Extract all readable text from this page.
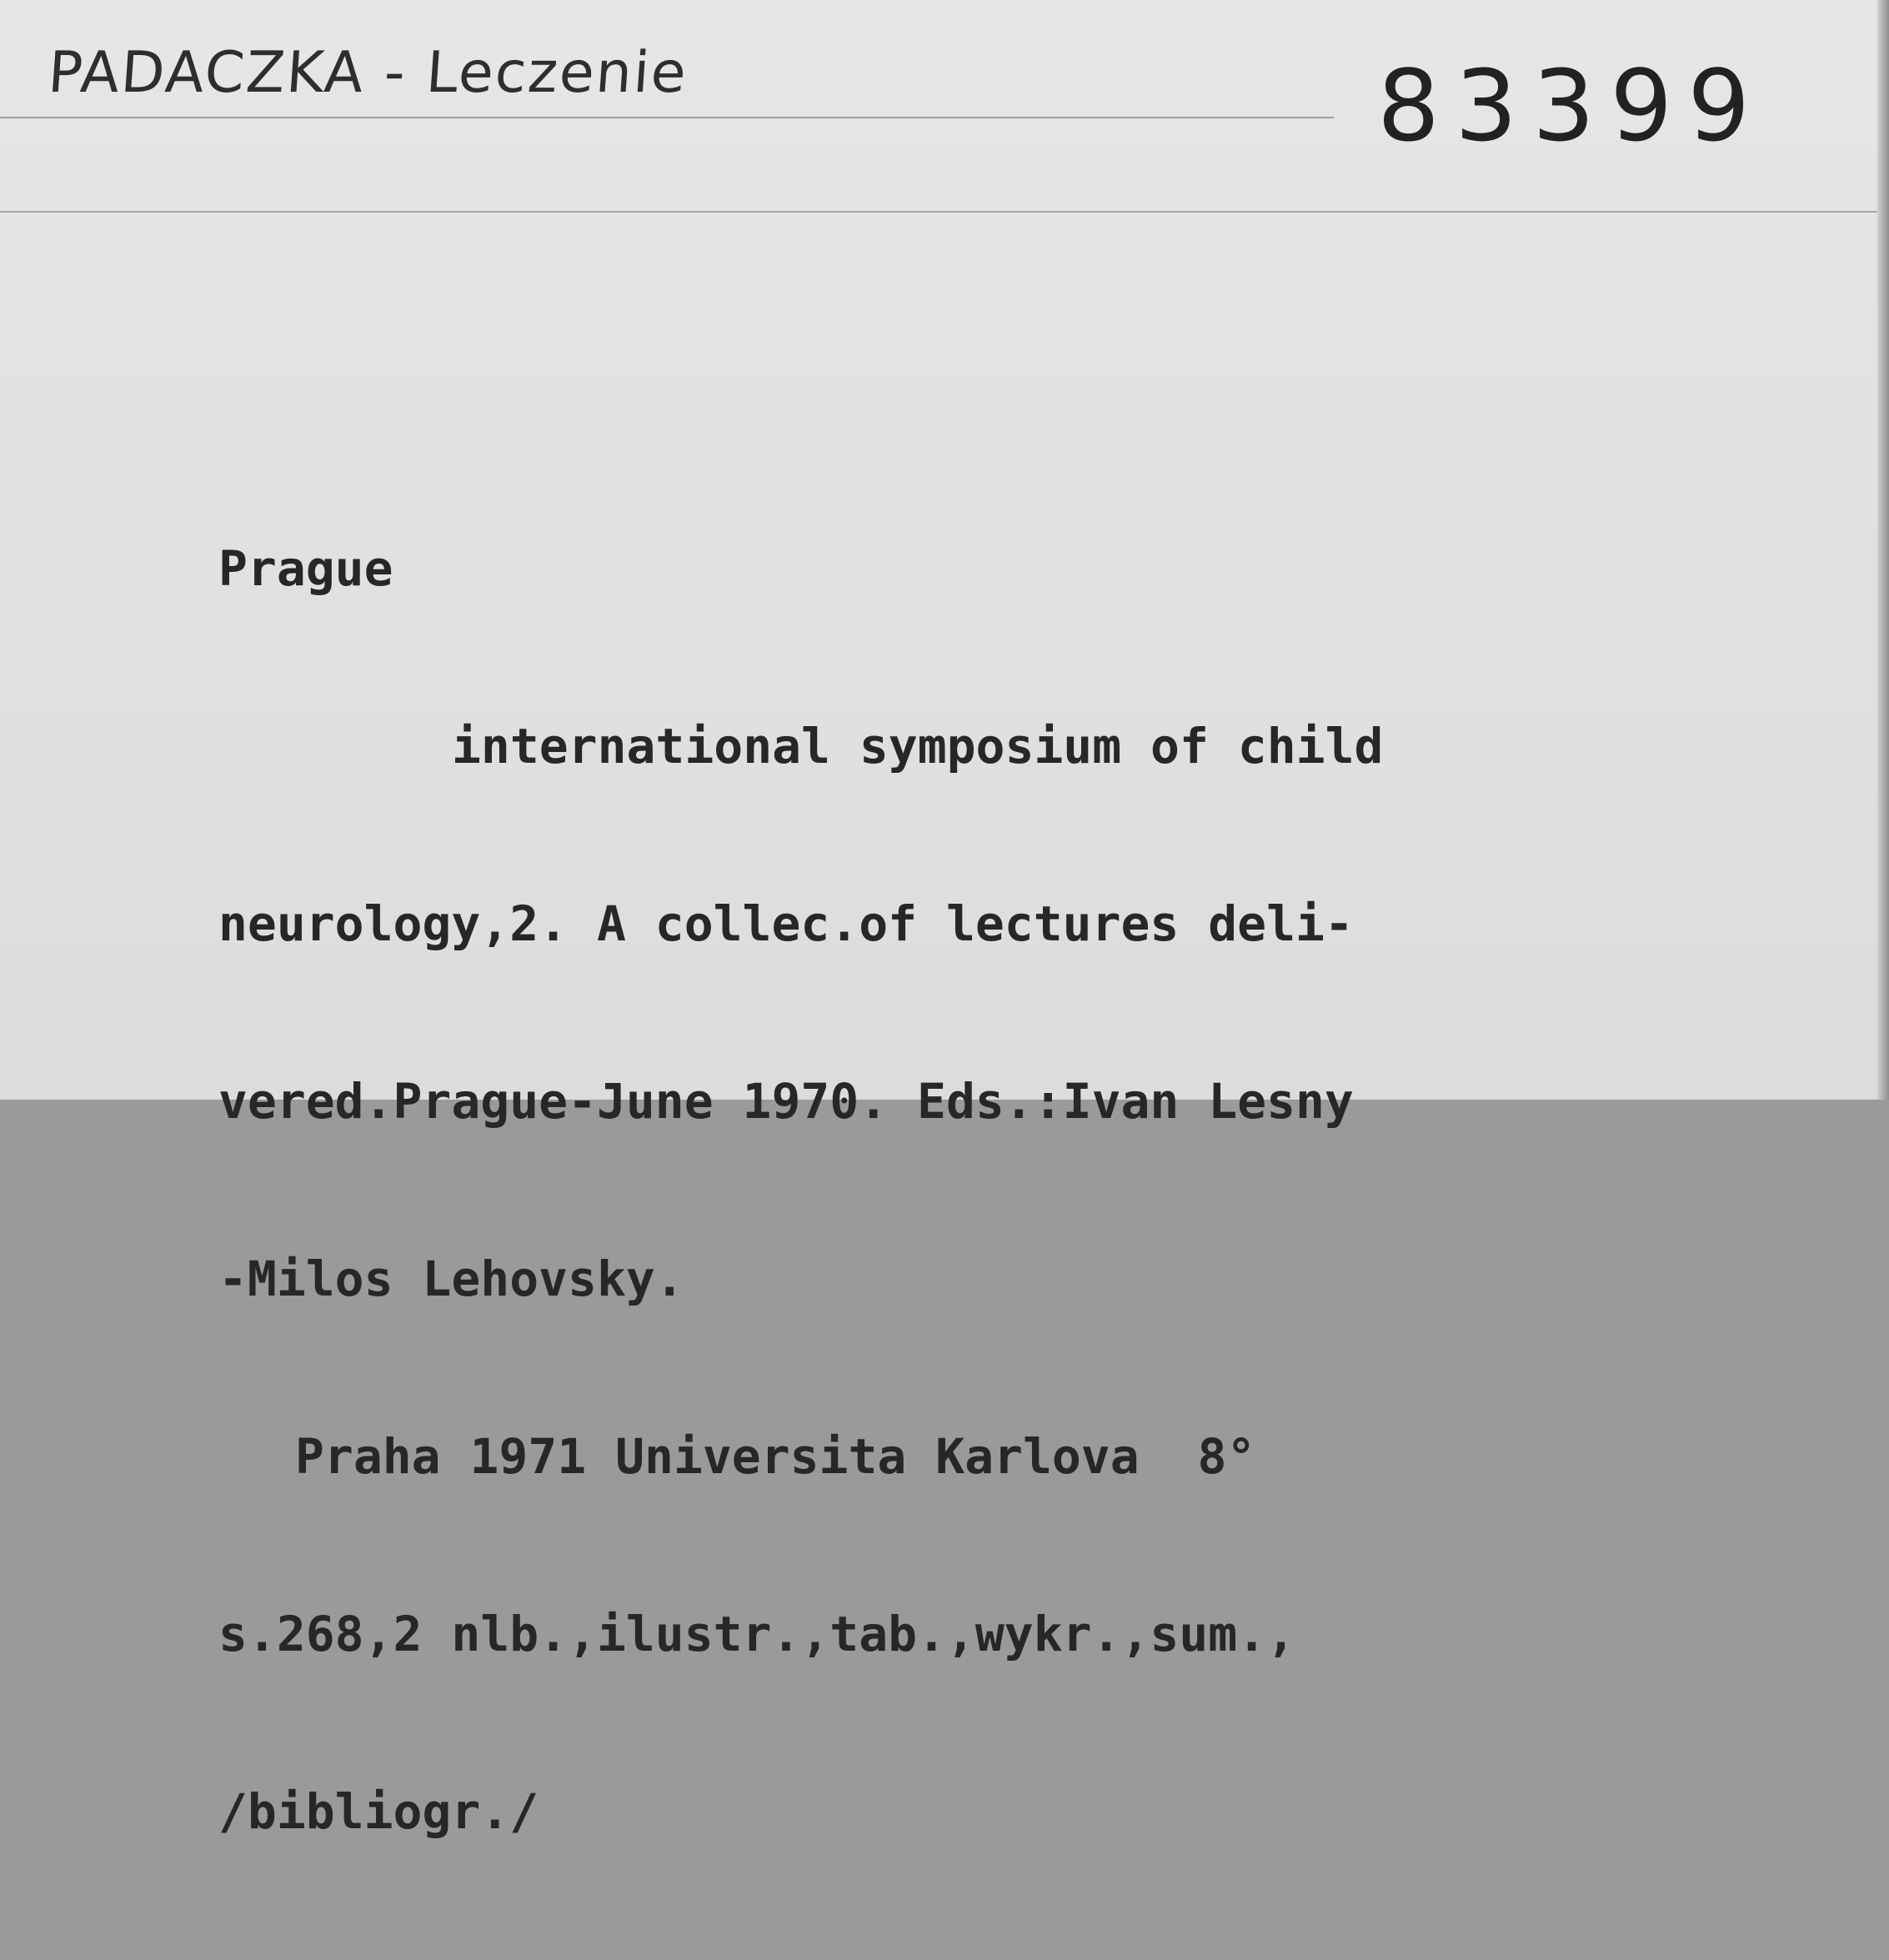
PADACZKA - Leczenie	83399

Prague

international symposium of child

neurology,2. A collec.of lectures deli-

vered.Prague-June 1970. Eds.:Ivan Lesny

-Milos Lehovsky.

Praha 1971 Universita Karlova  8°

s.268,2 nlb.,ilustr.,tab.,wykr.,sum.,

/bibliogr./
